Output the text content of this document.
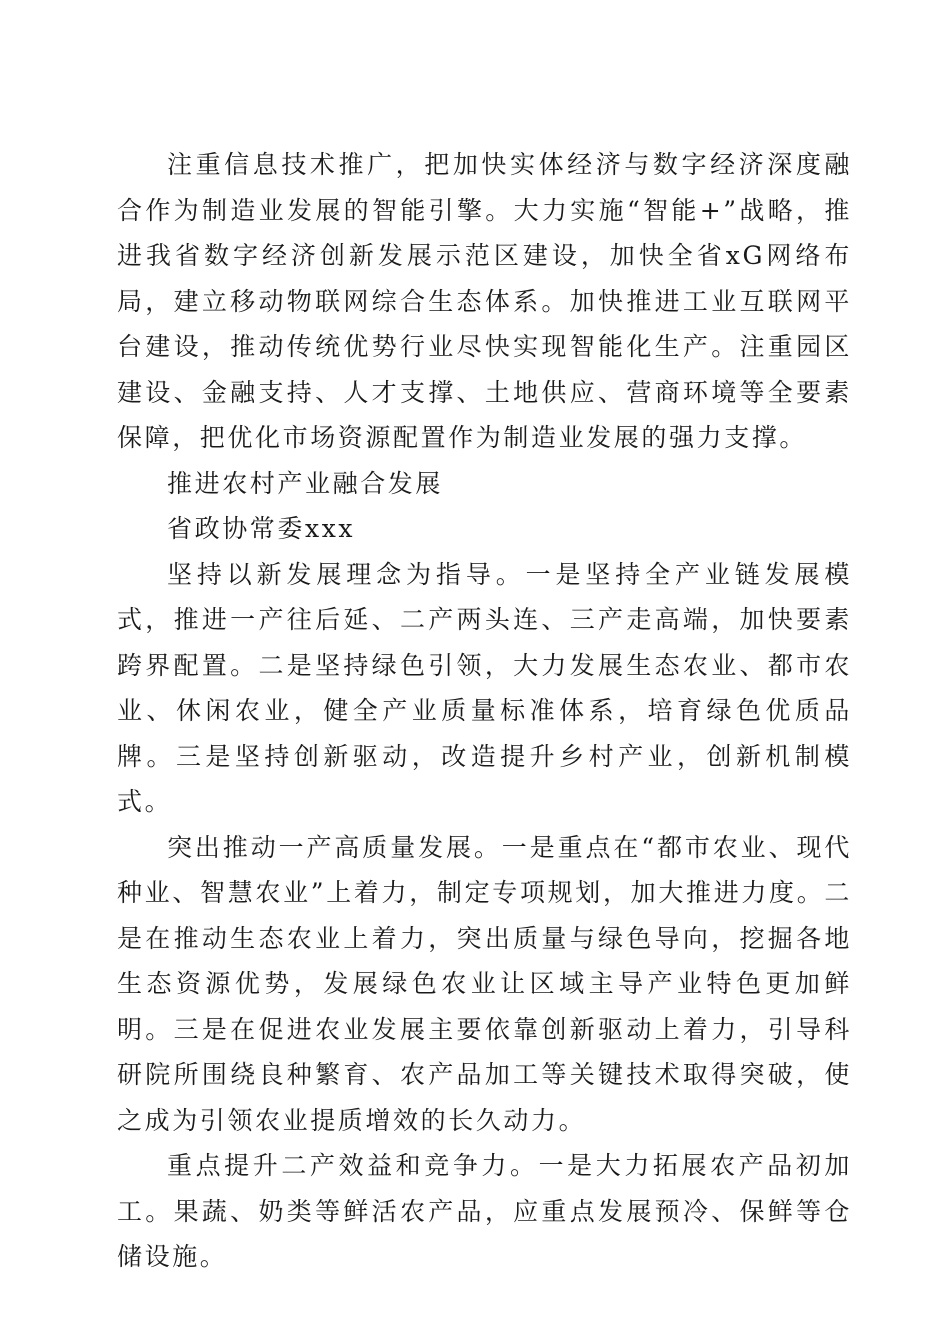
注重信息技术推广，把加快实体经济与数字经济深度融合作为制造业发展的智能引擎。大力实施“智能+”战略，推进我省数字经济创新发展示范区建设，加快全省xG网络布局，建立移动物联网综合生态体系。加快推进工业互联网平台建设，推动传统优势行业尽快实现智能化生产。注重园区建设、金融支持、人才支撑、土地供应、营商环境等全要素保障，把优化市场资源配置作为制造业发展的强力支撑。

推进农村产业融合发展

省政协常委xxx

坚持以新发展理念为指导。一是坚持全产业链发展模式，推进一产往后延、二产两头连、三产走高端，加快要素跨界配置。二是坚持绿色引领，大力发展生态农业、都市农业、休闲农业，健全产业质量标准体系，培育绿色优质品牌。三是坚持创新驱动，改造提升乡村产业，创新机制模式。

突出推动一产高质量发展。一是重点在“都市农业、现代种业、智慧农业”上着力，制定专项规划，加大推进力度。二是在推动生态农业上着力，突出质量与绿色导向，挖掘各地生态资源优势，发展绿色农业让区域主导产业特色更加鲜明。三是在促进农业发展主要依靠创新驱动上着力，引导科研院所围绕良种繁育、农产品加工等关键技术取得突破，使之成为引领农业提质增效的长久动力。

重点提升二产效益和竞争力。一是大力拓展农产品初加工。果蔬、奶类等鲜活农产品，应重点发展预冷、保鲜等仓储设施。
